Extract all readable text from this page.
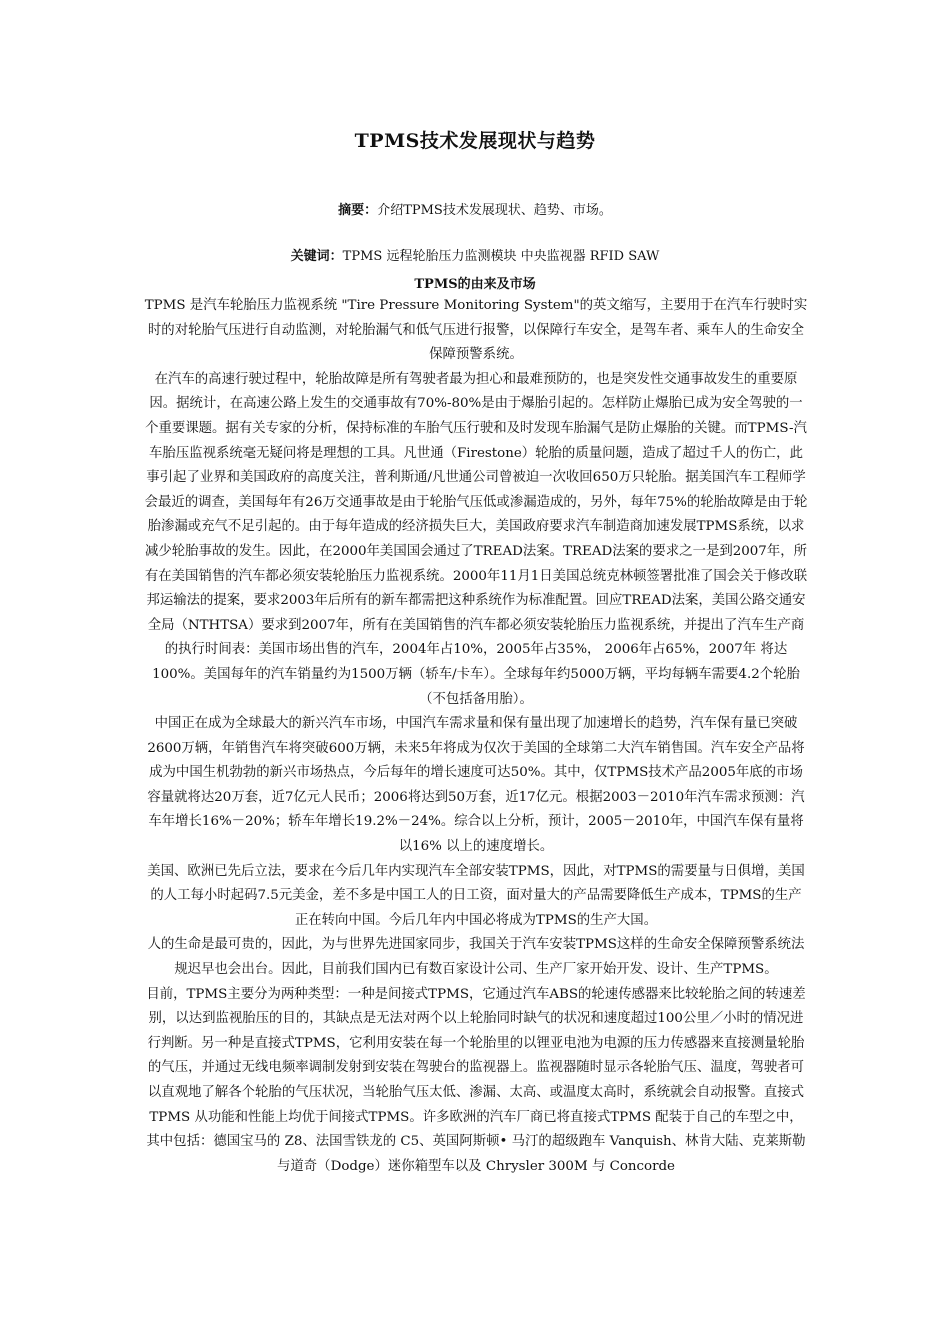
TPMS技术发展现状与趋势
摘要：介绍TPMS技术发展现状、趋势、市场。
关键词：TPMS 远程轮胎压力监测模块 中央监视器 RFID SAW
TPMS的由来及市场

TPMS 是汽车轮胎压力监视系统 "Tire Pressure Monitoring System"的英文缩写，主要用于在汽车行驶时实时的对轮胎气压进行自动监测，对轮胎漏气和低气压进行报警，以保障行车安全，是驾车者、乘车人的生命安全保障预警系统。

在汽车的高速行驶过程中，轮胎故障是所有驾驶者最为担心和最难预防的，也是突发性交通事故发生的重要原因。据统计，在高速公路上发生的交通事故有70%-80%是由于爆胎引起的。怎样防止爆胎已成为安全驾驶的一个重要课题。据有关专家的分析，保持标准的车胎气压行驶和及时发现车胎漏气是防止爆胎的关键。而TPMS-汽车胎压监视系统毫无疑问将是理想的工具。凡世通（Firestone）轮胎的质量问题，造成了超过千人的伤亡，此事引起了业界和美国政府的高度关注，普利斯通/凡世通公司曾被迫一次收回650万只轮胎。据美国汽车工程师学会最近的调查，美国每年有26万交通事故是由于轮胎气压低或渗漏造成的，另外，每年75%的轮胎故障是由于轮胎渗漏或充气不足引起的。由于每年造成的经济损失巨大，美国政府要求汽车制造商加速发展TPMS系统，以求减少轮胎事故的发生。因此，在2000年美国国会通过了TREAD法案。TREAD法案的要求之一是到2007年，所有在美国销售的汽车都必须安装轮胎压力监视系统。2000年11月1日美国总统克林顿签署批准了国会关于修改联邦运输法的提案，要求2003年后所有的新车都需把这种系统作为标准配置。回应TREAD法案，美国公路交通安全局（NTHTSA）要求到2007年，所有在美国销售的汽车都必须安装轮胎压力监视系统，并提出了汽车生产商的执行时间表：美国市场出售的汽车，2004年占10%，2005年占35%， 2006年占65%，2007年 将达100%。美国每年的汽车销量约为1500万辆（轿车/卡车）。全球每年约5000万辆，平均每辆车需要4.2个轮胎（不包括备用胎）。

中国正在成为全球最大的新兴汽车市场，中国汽车需求量和保有量出现了加速增长的趋势，汽车保有量已突破2600万辆，年销售汽车将突破600万辆，未来5年将成为仅次于美国的全球第二大汽车销售国。汽车安全产品将成为中国生机勃勃的新兴市场热点，今后每年的增长速度可达50%。其中，仅TPMS技术产品2005年底的市场容量就将达20万套，近7亿元人民币；2006将达到50万套，近17亿元。根据2003－2010年汽车需求预测：汽车年增长16%－20%；轿车年增长19.2%－24%。综合以上分析，预计，2005－2010年，中国汽车保有量将以16% 以上的速度增长。

美国、欧洲已先后立法，要求在今后几年内实现汽车全部安装TPMS，因此，对TPMS的需要量与日俱增，美国的人工每小时起码7.5元美金，差不多是中国工人的日工资，面对量大的产品需要降低生产成本，TPMS的生产正在转向中国。今后几年内中国必将成为TPMS的生产大国。

人的生命是最可贵的，因此，为与世界先进国家同步，我国关于汽车安装TPMS这样的生命安全保障预警系统法规迟早也会出台。因此，目前我们国内已有数百家设计公司、生产厂家开始开发、设计、生产TPMS。

目前，TPMS主要分为两种类型：一种是间接式TPMS，它通过汽车ABS的轮速传感器来比较轮胎之间的转速差别，以达到监视胎压的目的，其缺点是无法对两个以上轮胎同时缺气的状况和速度超过100公里／小时的情况进行判断。另一种是直接式TPMS，它利用安装在每一个轮胎里的以锂亚电池为电源的压力传感器来直接测量轮胎的气压，并通过无线电频率调制发射到安装在驾驶台的监视器上。监视器随时显示各轮胎气压、温度，驾驶者可以直观地了解各个轮胎的气压状况，当轮胎气压太低、渗漏、太高、或温度太高时，系统就会自动报警。直接式TPMS 从功能和性能上均优于间接式TPMS。许多欧洲的汽车厂商已将直接式TPMS 配装于自己的车型之中，其中包括：德国宝马的 Z8、法国雪铁龙的 C5、英国阿斯顿• 马汀的超级跑车 Vanquish、林肯大陆、克莱斯勒与道奇（Dodge）迷你箱型车以及 Chrysler 300M 与 Concorde
